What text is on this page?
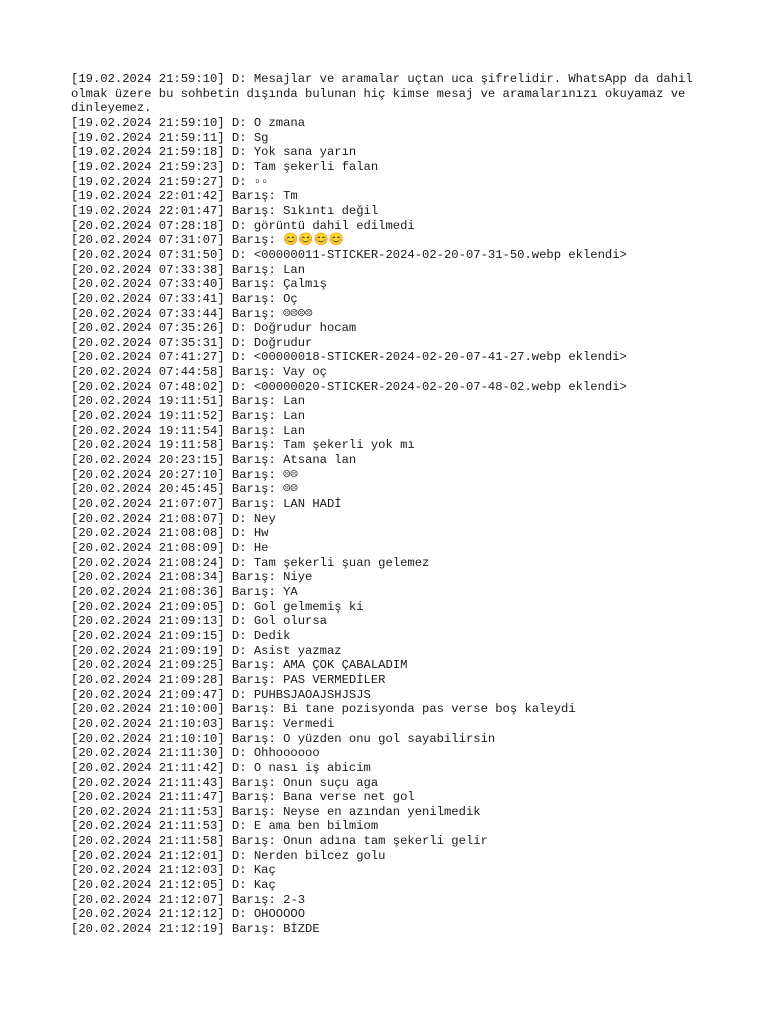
[19.02.2024 21:59:10] D: Mesajlar ve aramalar uçtan uca şifrelidir. WhatsApp da dahil olmak üzere bu sohbetin dışında bulunan hiç kimse mesaj ve aramalarınızı okuyamaz ve dinleyemez.

[19.02.2024 21:59:10] D: O zmana

[19.02.2024 21:59:11] D: Sg

[19.02.2024 21:59:18] D: Yok sana yarın

[19.02.2024 21:59:23] D: Tam şekerli falan

[19.02.2024 21:59:27] D: ▫▫

[19.02.2024 22:01:42] Barış: Tm

[19.02.2024 22:01:47] Barış: Sıkıntı değil

[20.02.2024 07:28:18] D: görüntü dahil edilmedi

[20.02.2024 07:31:07] Barış: 😊😊😊😊

[20.02.2024 07:31:50] D: <00000011-STICKER-2024-02-20-07-31-50.webp eklendi>

[20.02.2024 07:33:38] Barış: Lan

[20.02.2024 07:33:40] Barış: Çalmış

[20.02.2024 07:33:41] Barış: Oç

[20.02.2024 07:33:44] Barış: ☹☹☹☹

[20.02.2024 07:35:26] D: Doğrudur hocam

[20.02.2024 07:35:31] D: Doğrudur

[20.02.2024 07:41:27] D: <00000018-STICKER-2024-02-20-07-41-27.webp eklendi>

[20.02.2024 07:44:58] Barış: Vay oç

[20.02.2024 07:48:02] D: <00000020-STICKER-2024-02-20-07-48-02.webp eklendi>

[20.02.2024 19:11:51] Barış: Lan

[20.02.2024 19:11:52] Barış: Lan

[20.02.2024 19:11:54] Barış: Lan

[20.02.2024 19:11:58] Barış: Tam şekerli yok mı

[20.02.2024 20:23:15] Barış: Atsana lan

[20.02.2024 20:27:10] Barış: ☹☹

[20.02.2024 20:45:45] Barış: ☹☹

[20.02.2024 21:07:07] Barış: LAN HADİ

[20.02.2024 21:08:07] D: Ney

[20.02.2024 21:08:08] D: Hw

[20.02.2024 21:08:09] D: He

[20.02.2024 21:08:24] D: Tam şekerli şuan gelemez

[20.02.2024 21:08:34] Barış: Niye

[20.02.2024 21:08:36] Barış: YA

[20.02.2024 21:09:05] D: Gol gelmemiş ki

[20.02.2024 21:09:13] D: Gol olursa

[20.02.2024 21:09:15] D: Dedik

[20.02.2024 21:09:19] D: Asist yazmaz

[20.02.2024 21:09:25] Barış: AMA ÇOK ÇABALADIM

[20.02.2024 21:09:28] Barış: PAS VERMEDİLER

[20.02.2024 21:09:47] D: PUHBSJAOAJSHJSJS

[20.02.2024 21:10:00] Barış: Bi tane pozisyonda pas verse boş kaleydi

[20.02.2024 21:10:03] Barış: Vermedi

[20.02.2024 21:10:10] Barış: O yüzden onu gol sayabilirsin

[20.02.2024 21:11:30] D: Ohhoooooo

[20.02.2024 21:11:42] D: O nası iş abicim

[20.02.2024 21:11:43] Barış: Onun suçu aga

[20.02.2024 21:11:47] Barış: Bana verse net gol

[20.02.2024 21:11:53] Barış: Neyse en azından yenilmedik

[20.02.2024 21:11:53] D: E ama ben bilmiom

[20.02.2024 21:11:58] Barış: Onun adına tam şekerli gelir

[20.02.2024 21:12:01] D: Nerden bilcez golu

[20.02.2024 21:12:03] D: Kaç

[20.02.2024 21:12:05] D: Kaç

[20.02.2024 21:12:07] Barış: 2-3

[20.02.2024 21:12:12] D: OHOOOOO

[20.02.2024 21:12:19] Barış: BİZDE
